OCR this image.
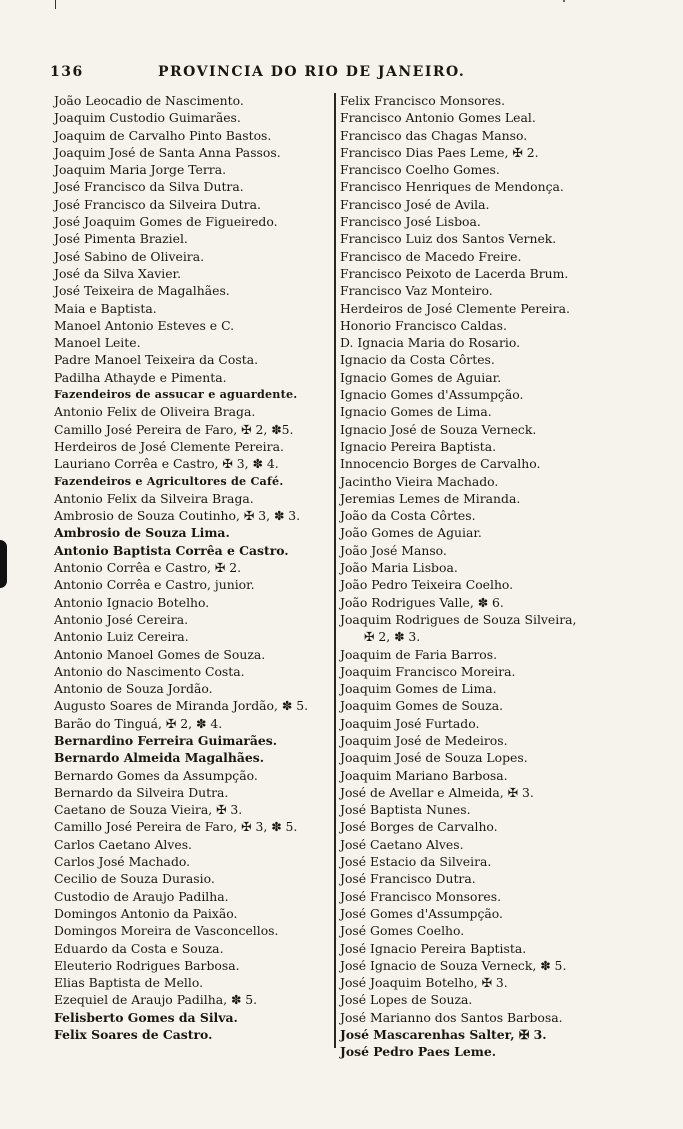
136	PROVINCIA DO RIO DE JANEIRO.
João Leocadio de Nascimento.
Joaquim Custodio Guimarães.
Joaquim de Carvalho Pinto Bastos.
Joaquim José de Santa Anna Passos.
Joaquim Maria Jorge Terra.
José Francisco da Silva Dutra.
José Francisco da Silveira Dutra.
José Joaquim Gomes de Figueiredo.
José Pimenta Braziel.
José Sabino de Oliveira.
José da Silva Xavier.
José Teixeira de Magalhães.
Maia e Baptista.
Manoel Antonio Esteves e C.
Manoel Leite.
Padre Manoel Teixeira da Costa.
Padilha Athayde e Pimenta.
Fazendeiros de assucar e aguardente.
Antonio Felix de Oliveira Braga.
Camillo José Pereira de Faro, ✠ 2, ✽5.
Herdeiros de José Clemente Pereira.
Lauriano Corrêa e Castro, ✠ 3, ✽ 4.
Fazendeiros e Agricultores de Café.
Antonio Felix da Silveira Braga.
Ambrosio de Souza Coutinho, ✠ 3, ✽ 3.
Ambrosio de Souza Lima.
Antonio Baptista Corrêa e Castro.
Antonio Corrêa e Castro, ✠ 2.
Antonio Corrêa e Castro, junior.
Antonio Ignacio Botelho.
Antonio José Cereira.
Antonio Luiz Cereira.
Antonio Manoel Gomes de Souza.
Antonio do Nascimento Costa.
Antonio de Souza Jordão.
Augusto Soares de Miranda Jordão, ✽ 5.
Barão do Tinguá, ✠ 2, ✽ 4.
Bernardino Ferreira Guimarães.
Bernardo Almeida Magalhães.
Bernardo Gomes da Assumpção.
Bernardo da Silveira Dutra.
Caetano de Souza Vieira, ✠ 3.
Camillo José Pereira de Faro, ✠ 3, ✽ 5.
Carlos Caetano Alves.
Carlos José Machado.
Cecilio de Souza Durasio.
Custodio de Araujo Padilha.
Domingos Antonio da Paixão.
Domingos Moreira de Vasconcellos.
Eduardo da Costa e Souza.
Eleuterio Rodrigues Barbosa.
Elias Baptista de Mello.
Ezequiel de Araujo Padilha, ✽ 5.
Felisberto Gomes da Silva.
Felix Soares de Castro.
Felix Francisco Monsores.
Francisco Antonio Gomes Leal.
Francisco das Chagas Manso.
Francisco Dias Paes Leme, ✠ 2.
Francisco Coelho Gomes.
Francisco Henriques de Mendonça.
Francisco José de Avila.
Francisco José Lisboa.
Francisco Luiz dos Santos Vernek.
Francisco de Macedo Freire.
Francisco Peixoto de Lacerda Brum.
Francisco Vaz Monteiro.
Herdeiros de José Clemente Pereira.
Honorio Francisco Caldas.
D. Ignacia Maria do Rosario.
Ignacio da Costa Côrtes.
Ignacio Gomes de Aguiar.
Ignacio Gomes d'Assumpção.
Ignacio Gomes de Lima.
Ignacio José de Souza Verneck.
Ignacio Pereira Baptista.
Innocencio Borges de Carvalho.
Jacintho Vieira Machado.
Jeremias Lemes de Miranda.
João da Costa Côrtes.
João Gomes de Aguiar.
João José Manso.
João Maria Lisboa.
João Pedro Teixeira Coelho.
João Rodrigues Valle, ✽ 6.
Joaquim Rodrigues de Souza Silveira,
✠ 2, ✽ 3.
Joaquim de Faria Barros.
Joaquim Francisco Moreira.
Joaquim Gomes de Lima.
Joaquim Gomes de Souza.
Joaquim José Furtado.
Joaquim José de Medeiros.
Joaquim José de Souza Lopes.
Joaquim Mariano Barbosa.
José de Avellar e Almeida, ✠ 3.
José Baptista Nunes.
José Borges de Carvalho.
José Caetano Alves.
José Estacio da Silveira.
José Francisco Dutra.
José Francisco Monsores.
José Gomes d'Assumpção.
José Gomes Coelho.
José Ignacio Pereira Baptista.
José Ignacio de Souza Verneck, ✽ 5.
José Joaquim Botelho, ✠ 3.
José Lopes de Souza.
José Marianno dos Santos Barbosa.
José Mascarenhas Salter, ✠ 3.
José Pedro Paes Leme.
